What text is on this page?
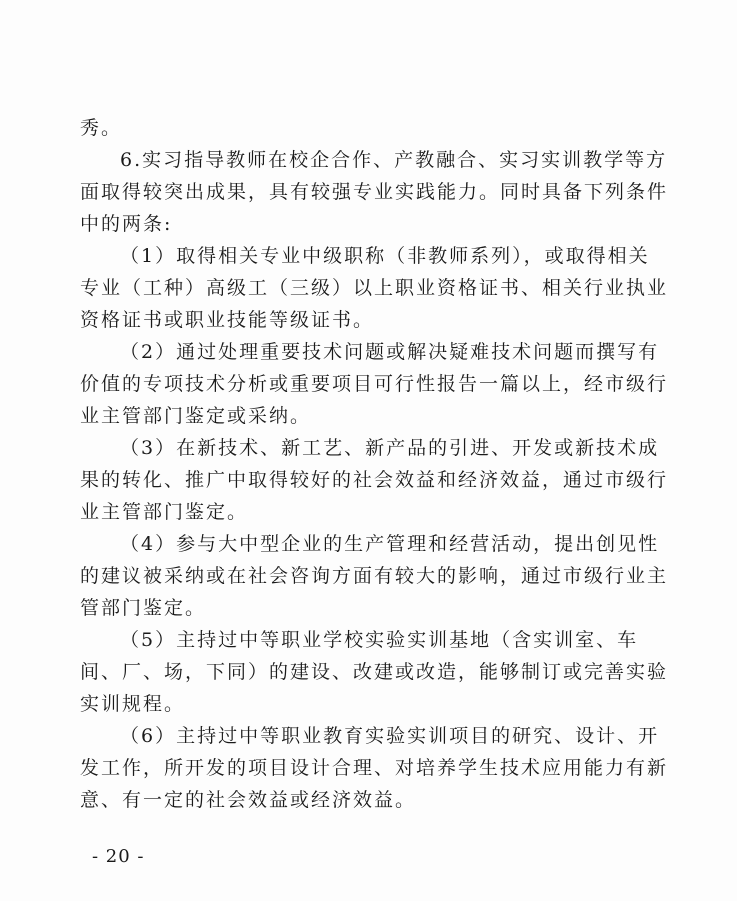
秀。
6.实习指导教师在校企合作、产教融合、实习实训教学等方
面取得较突出成果，具有较强专业实践能力。同时具备下列条件
中的两条:
（1）取得相关专业中级职称（非教师系列），或取得相关
专业（工种）高级工（三级）以上职业资格证书、相关行业执业
资格证书或职业技能等级证书。
（2）通过处理重要技术问题或解决疑难技术问题而撰写有
价值的专项技术分析或重要项目可行性报告一篇以上，经市级行
业主管部门鉴定或采纳。
（3）在新技术、新工艺、新产品的引进、开发或新技术成
果的转化、推广中取得较好的社会效益和经济效益，通过市级行
业主管部门鉴定。
（4）参与大中型企业的生产管理和经营活动，提出创见性
的建议被采纳或在社会咨询方面有较大的影响，通过市级行业主
管部门鉴定。
（5）主持过中等职业学校实验实训基地（含实训室、车
间、厂、场，下同）的建设、改建或改造，能够制订或完善实验
实训规程。
（6）主持过中等职业教育实验实训项目的研究、设计、开
发工作，所开发的项目设计合理、对培养学生技术应用能力有新
意、有一定的社会效益或经济效益。
- 20 -
